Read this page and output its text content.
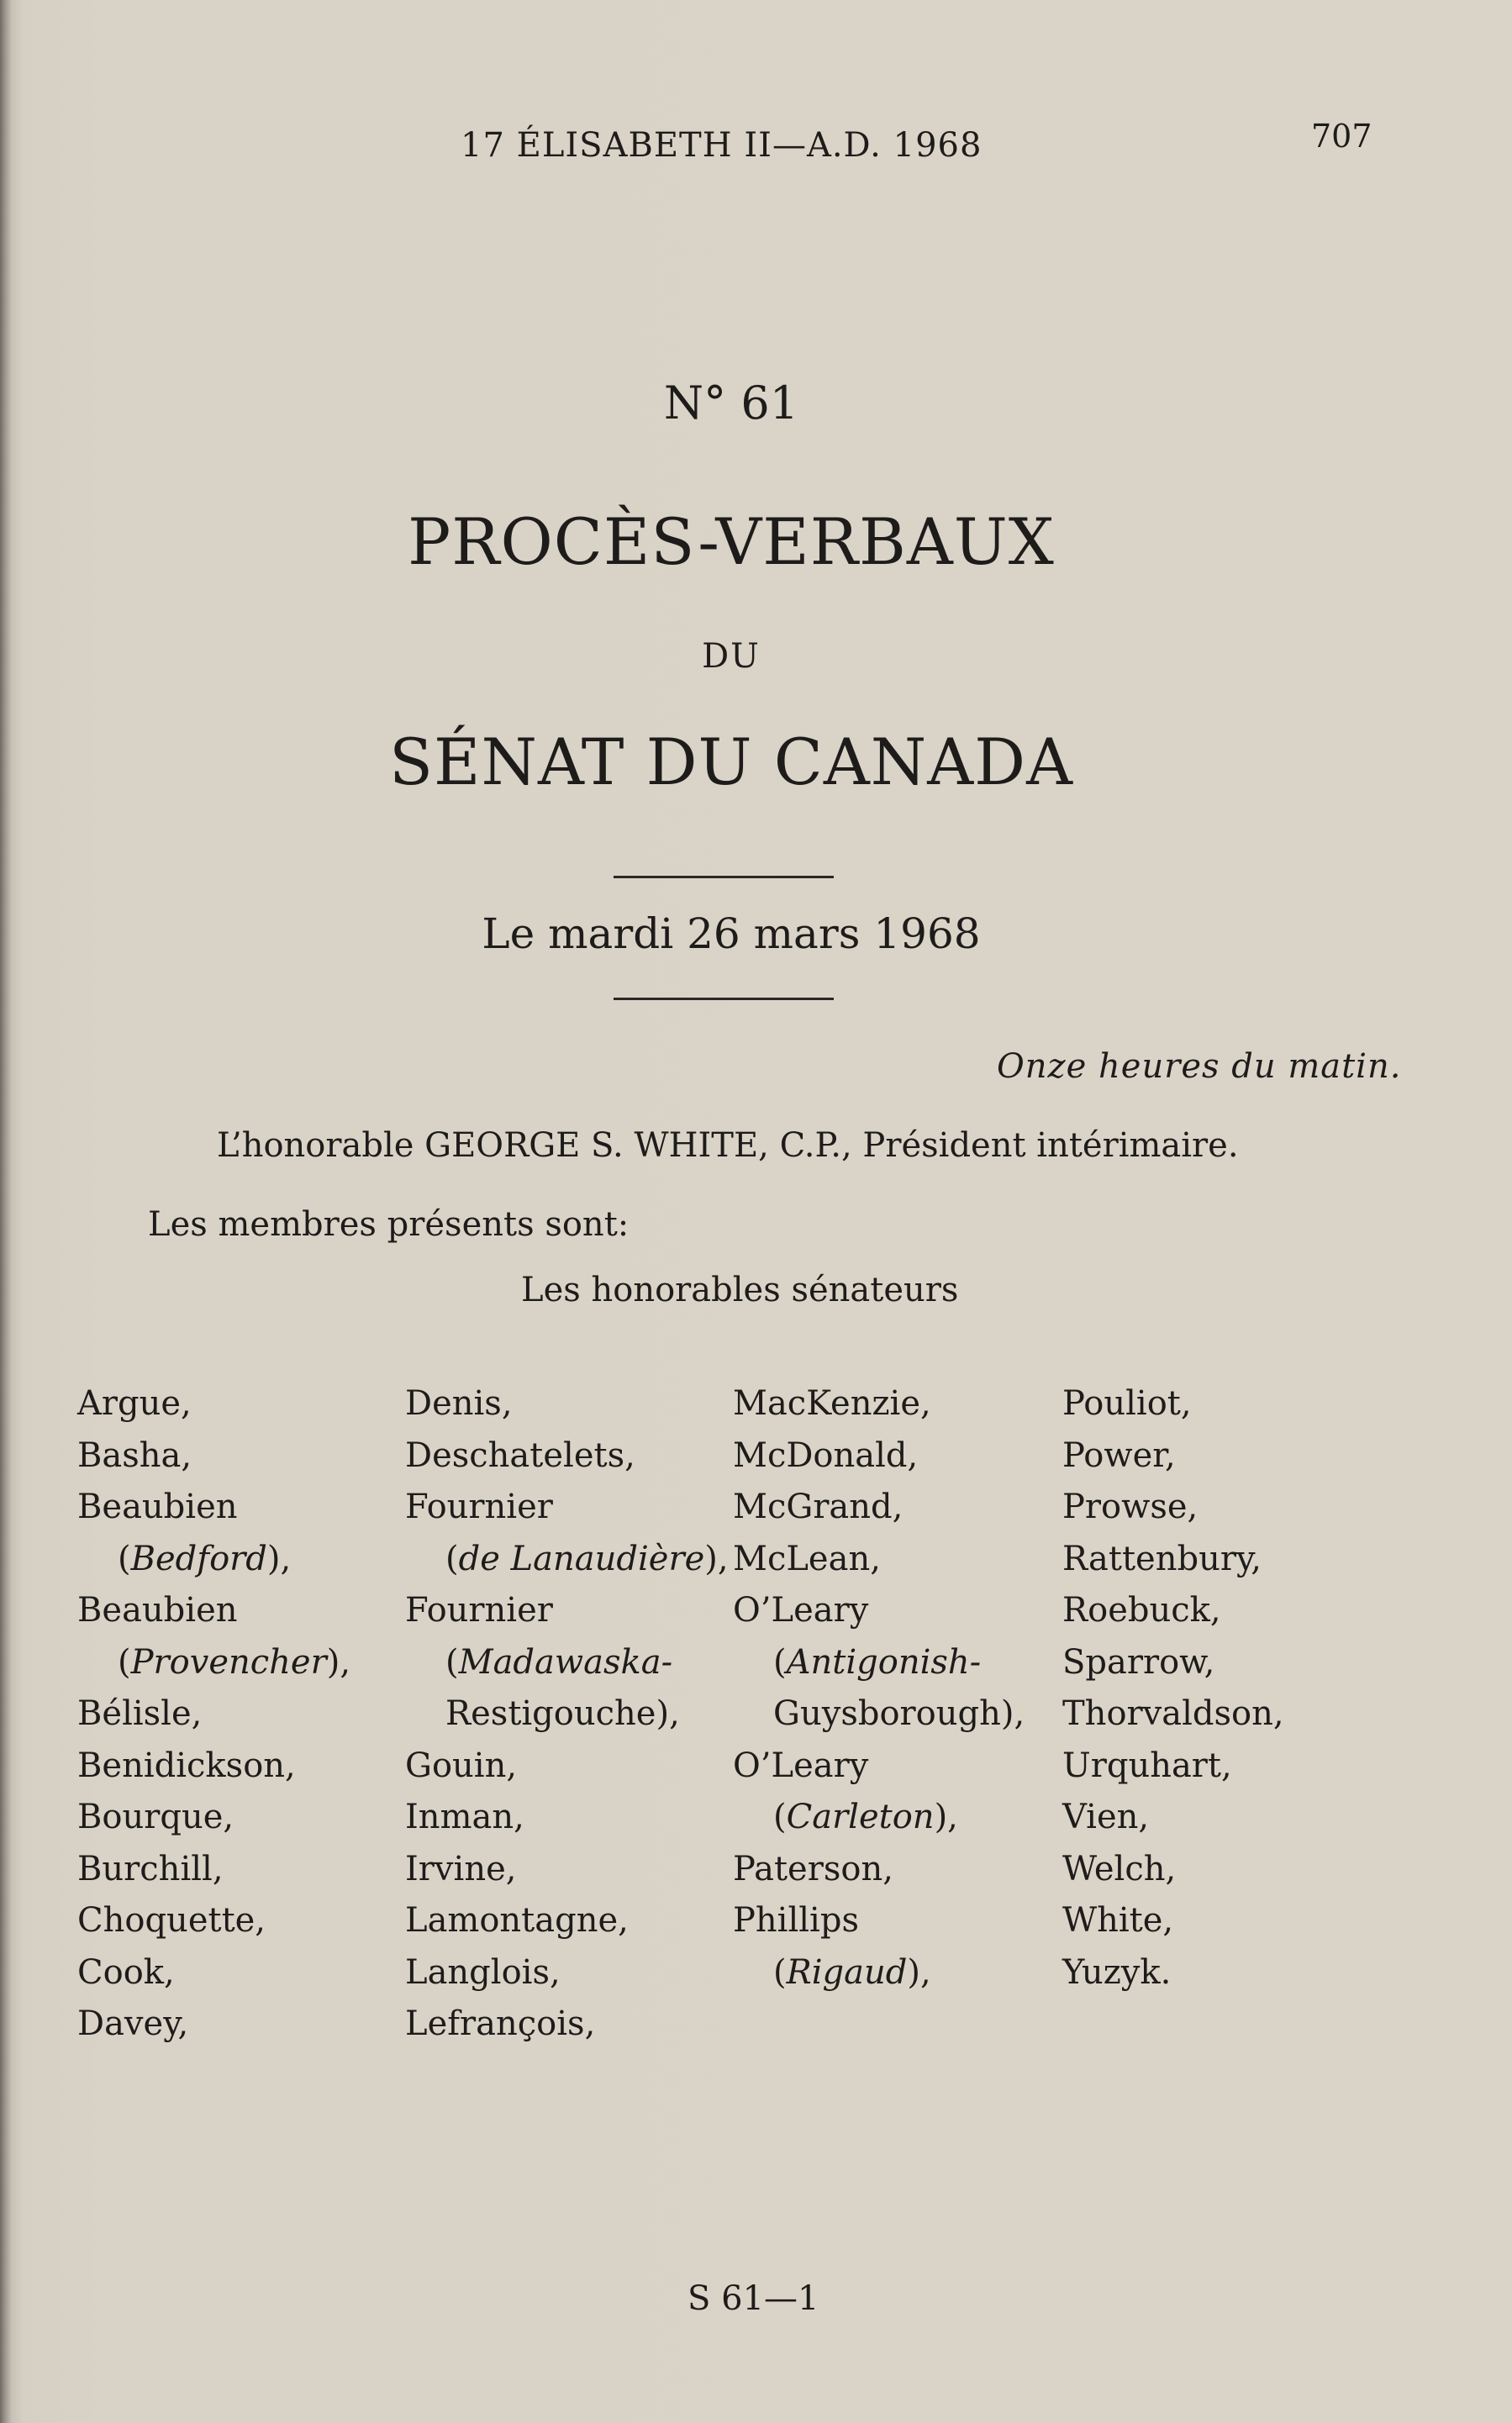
17 ÉLISABETH II—A.D. 1968	707
N° 61
PROCÈS-VERBAUX
DU
SÉNAT DU CANADA
Le mardi 26 mars 1968
Onze heures du matin.
L’honorable GEORGE S. WHITE, C.P., Président intérimaire.
Les membres présents sont:
Les honorables sénateurs
Argue,
Basha,
Beaubien
(Bedford),
Beaubien
(Provencher),
Bélisle,
Benidickson,
Bourque,
Burchill,
Choquette,
Cook,
Davey,
Denis,
Deschatelets,
Fournier
(de Lanaudière),
Fournier
(Madawaska-
Restigouche),
Gouin,
Inman,
Irvine,
Lamontagne,
Langlois,
Lefrançois,
MacKenzie,
McDonald,
McGrand,
McLean,
O’Leary
(Antigonish-
Guysborough),
O’Leary
(Carleton),
Paterson,
Phillips
(Rigaud),
Pouliot,
Power,
Prowse,
Rattenbury,
Roebuck,
Sparrow,
Thorvaldson,
Urquhart,
Vien,
Welch,
White,
Yuzyk.
S 61—1
